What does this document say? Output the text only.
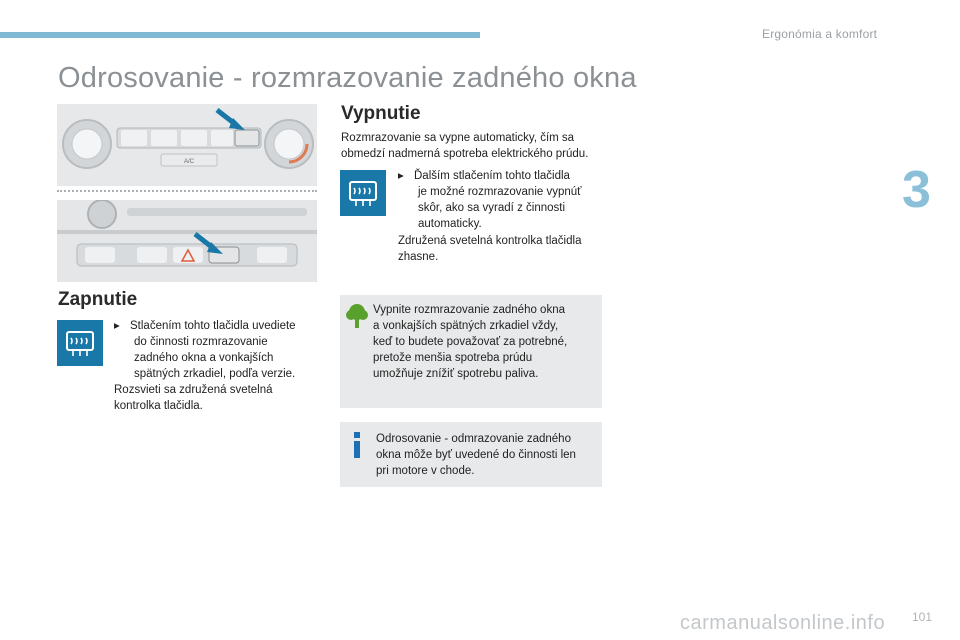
Ergonómia a komfort
3
Odrosovanie - rozmrazovanie zadného okna
A/C
Zapnutie
▸ Stlačením tohto tlačidla uvediete
do činnosti rozmrazovanie
zadného okna a vonkajších
spätných zrkadiel, podľa verzie.
Rozsvieti sa združená svetelná
kontrolka tlačidla.
Vypnutie
Rozmrazovanie sa vypne automaticky, čím sa
obmedzí nadmerná spotreba elektrického prúdu.
▸ Ďalším stlačením tohto tlačidla
je možné rozmrazovanie vypnúť
skôr, ako sa vyradí z činnosti
automaticky.
Združená svetelná kontrolka tlačidla
zhasne.
Vypnite rozmrazovanie zadného okna
a vonkajších spätných zrkadiel vždy,
keď to budete považovať za potrebné,
pretože menšia spotreba prúdu
umožňuje znížiť spotrebu paliva.
Odrosovanie - odmrazovanie zadného
okna môže byť uvedené do činnosti len
pri motore v chode.
carmanualsonline.info 101
